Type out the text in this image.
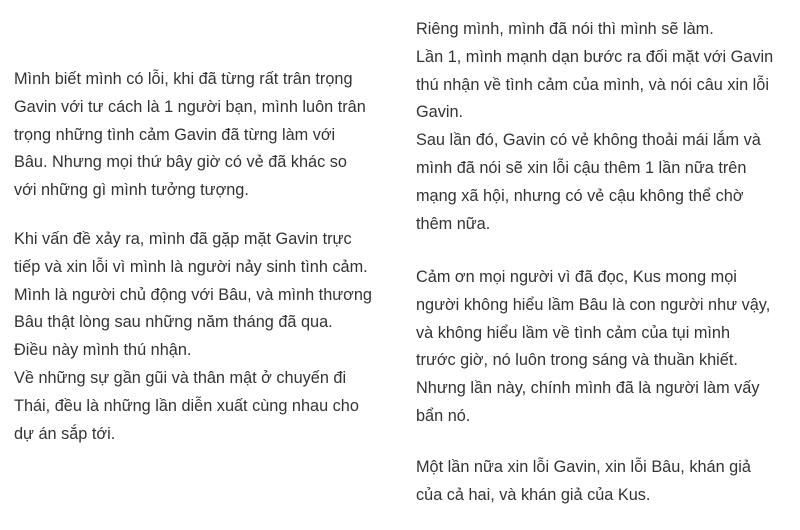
Mình biết mình có lỗi, khi đã từng rất trân trọng
Gavin với tư cách là 1 người bạn, mình luôn trân
trọng những tình cảm Gavin đã từng làm với
Bâu. Nhưng mọi thứ bây giờ có vẻ đã khác so
với những gì mình tưởng tượng.
Khi vấn đề xảy ra, mình đã gặp mặt Gavin trực
tiếp và xin lỗi vì mình là người nảy sinh tình cảm.
Mình là người chủ động với Bâu, và mình thương
Bâu thật lòng sau những năm tháng đã qua.
Điều này mình thú nhận.
Về những sự gần gũi và thân mật ở chuyến đi
Thái, đều là những lần diễn xuất cùng nhau cho
dự án sắp tới.
Riêng mình, mình đã nói thì mình sẽ làm.
Lần 1, mình mạnh dạn bước ra đối mặt với Gavin
thú nhận về tình cảm của mình, và nói câu xin lỗi
Gavin.
Sau lần đó, Gavin có vẻ không thoải mái lắm và
mình đã nói sẽ xin lỗi cậu thêm 1 lần nữa trên
mạng xã hội, nhưng có vẻ cậu không thể chờ
thêm nữa.
Cảm ơn mọi người vì đã đọc, Kus mong mọi
người không hiểu lầm Bâu là con người như vậy,
và không hiểu lầm về tình cảm của tụi mình
trước giờ, nó luôn trong sáng và thuần khiết.
Nhưng lần này, chính mình đã là người làm vấy
bẩn nó.
Một lần nữa xin lỗi Gavin, xin lỗi Bâu, khán giả
của cả hai, và khán giả của Kus.
